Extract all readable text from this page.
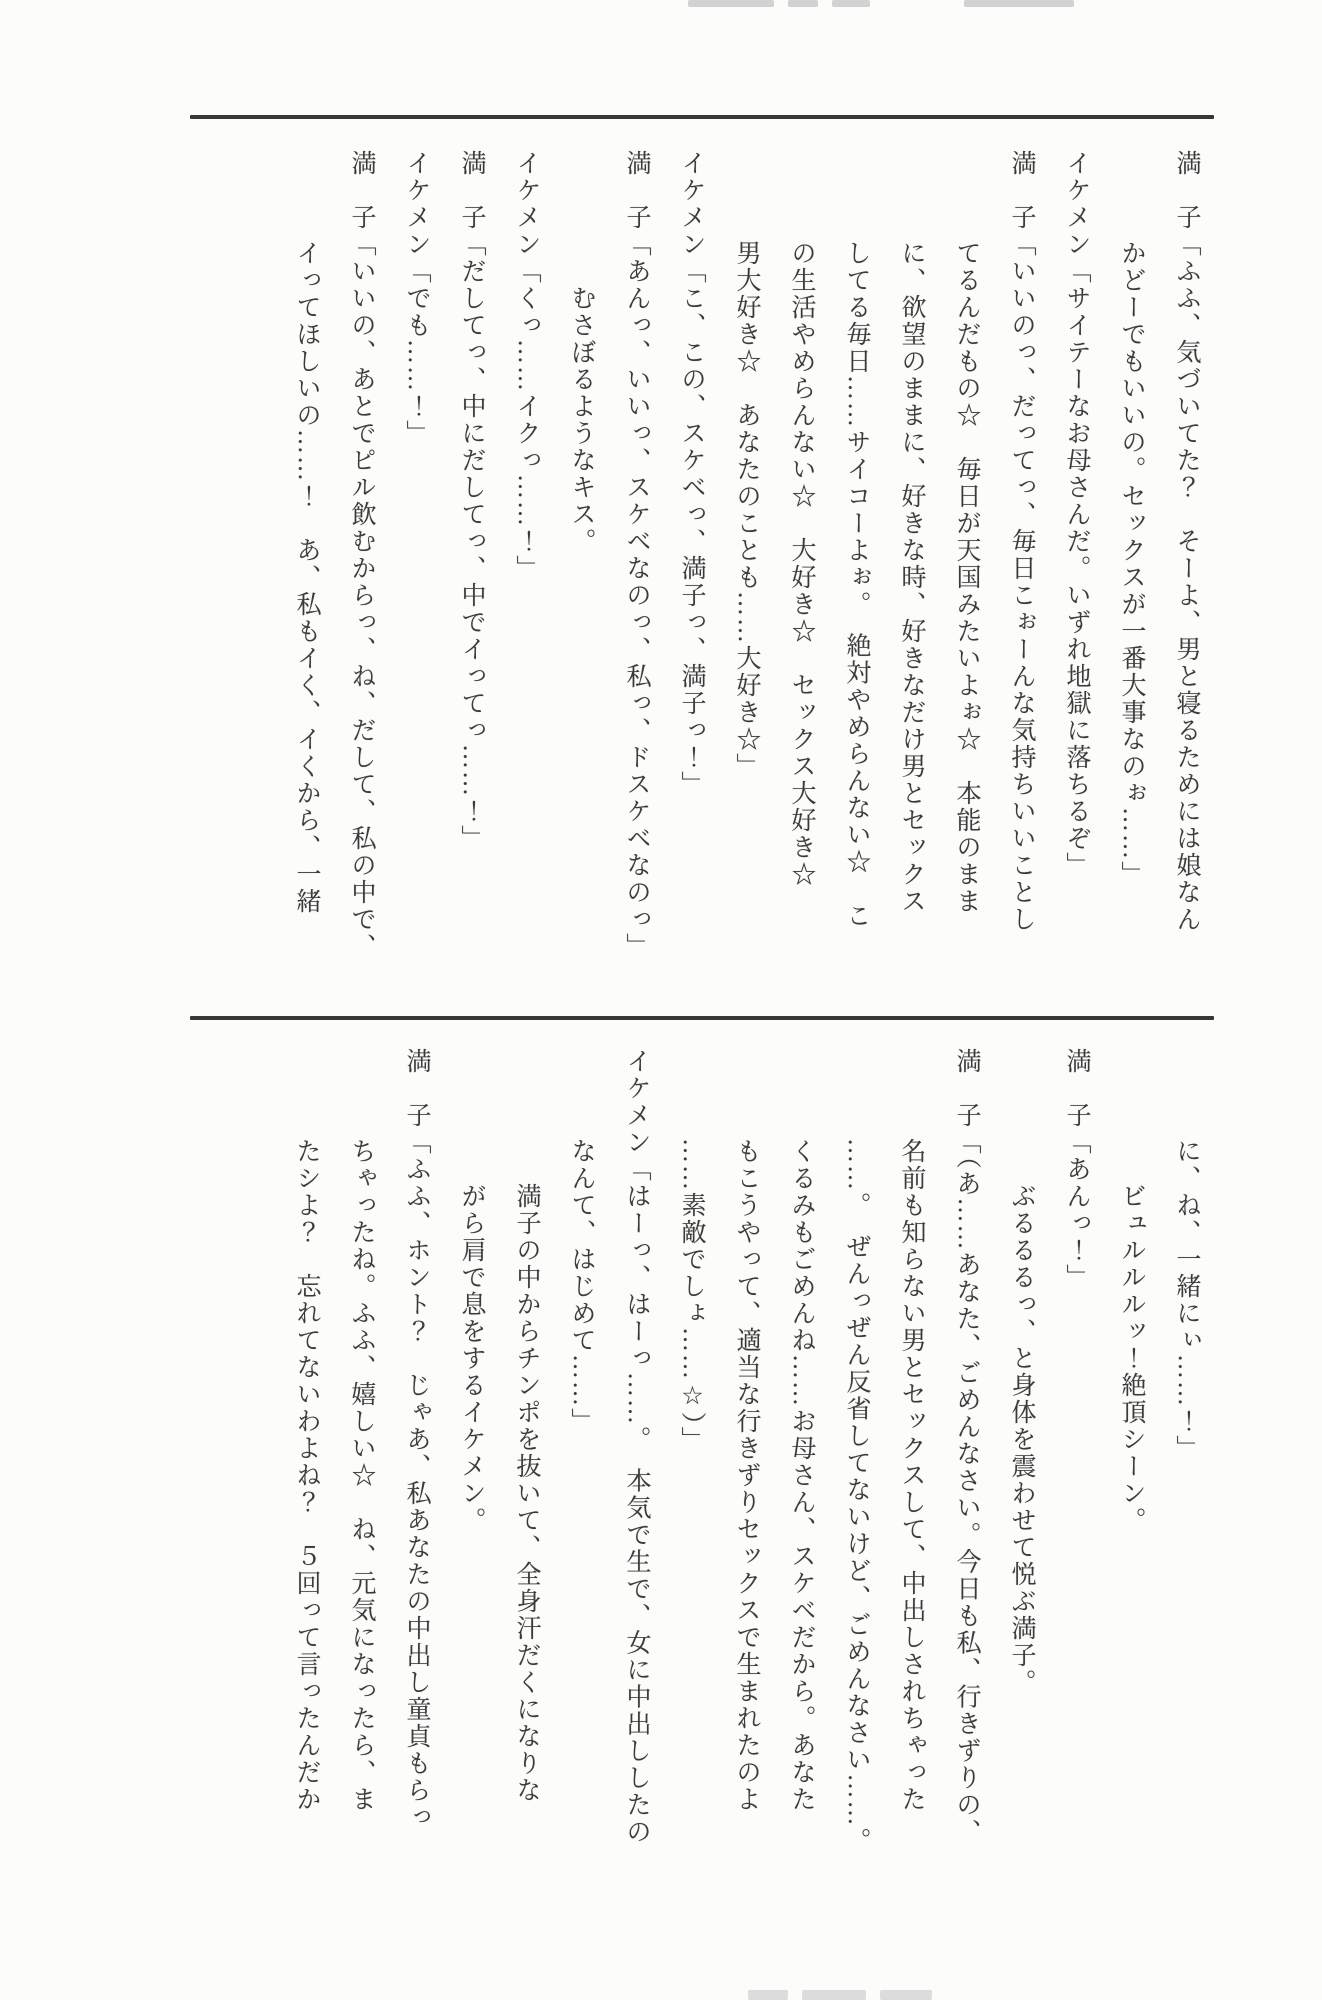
満　子「ふふ、気づいてた？　そーよ、男と寝るためには娘なん
かどーでもいいの。セックスが一番大事なのぉ……」
イケメン「サイテーなお母さんだ。いずれ地獄に落ちるぞ」
満　子「いいのっ、だってっ、毎日こぉーんな気持ちいいことし
てるんだもの☆　毎日が天国みたいよぉ☆　本能のまま
に、欲望のままに、好きな時、好きなだけ男とセックス
してる毎日……サイコーよぉ。　絶対やめらんない☆　こ
の生活やめらんない☆　大好き☆　セックス大好き☆
男大好き☆　あなたのことも……大好き☆」
イケメン「こ、この、スケベっ、満子っ、満子っ！」
満　子「あんっ、いいっ、スケベなのっ、私っ、ドスケベなのっ」
むさぼるようなキス。
イケメン「くっ……イクっ……！」
満　子「だしてっ、中にだしてっ、中でイってっ……！」
イケメン「でも……！」
満　子「いいの、あとでピル飲むからっ、ね、だして、私の中で、
イってほしいの……！　あ、私もイく、イくから、一緒
に、ね、一緒にぃ……！」
ビュルルルッ！絶頂シーン。
満　子「あんっ！」
ぶるるるっ、と身体を震わせて悦ぶ満子。
満　子「（あ……あなた、ごめんなさい。今日も私、行きずりの、
名前も知らない男とセックスして、中出しされちゃった
……。　ぜんっぜん反省してないけど、ごめんなさい……。
くるみもごめんね……お母さん、スケベだから。あなた
もこうやって、適当な行きずりセックスで生まれたのよ
……素敵でしょ……☆）」
イケメン「はーっ、はーっ……。　本気で生で、女に中出ししたの
なんて、はじめて……」
満子の中からチンポを抜いて、全身汗だくになりな
がら肩で息をするイケメン。
満　子「ふふ、ホント？　じゃあ、私あなたの中出し童貞もらっ
ちゃったね。ふふ、嬉しい☆　ね、元気になったら、ま
たシよ？　忘れてないわよね？　５回って言ったんだか
